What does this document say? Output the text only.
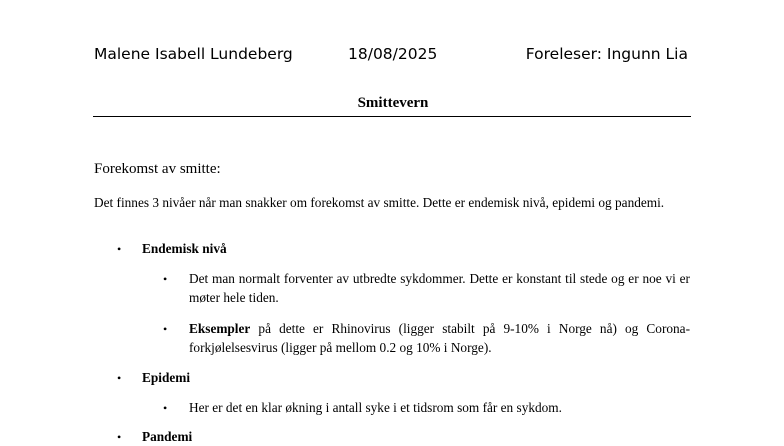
Malene Isabell Lundeberg	18/08/2025	Foreleser: Ingunn Lia
Smittevern
Forekomst av smitte:
Det finnes 3 nivåer når man snakker om forekomst av smitte. Dette er endemisk nivå, epidemi og pandemi.
• Endemisk nivå
• Det man normalt forventer av utbredte sykdommer. Dette er konstant til stede og er noe vi er møter hele tiden.
• Eksempler på dette er Rhinovirus (ligger stabilt på 9-10% i Norge nå) og Corona-forkjølelsesvirus (ligger på mellom 0.2 og 10% i Norge).
• Epidemi
• Her er det en klar økning i antall syke i et tidsrom som får en sykdom.
• Pandemi
